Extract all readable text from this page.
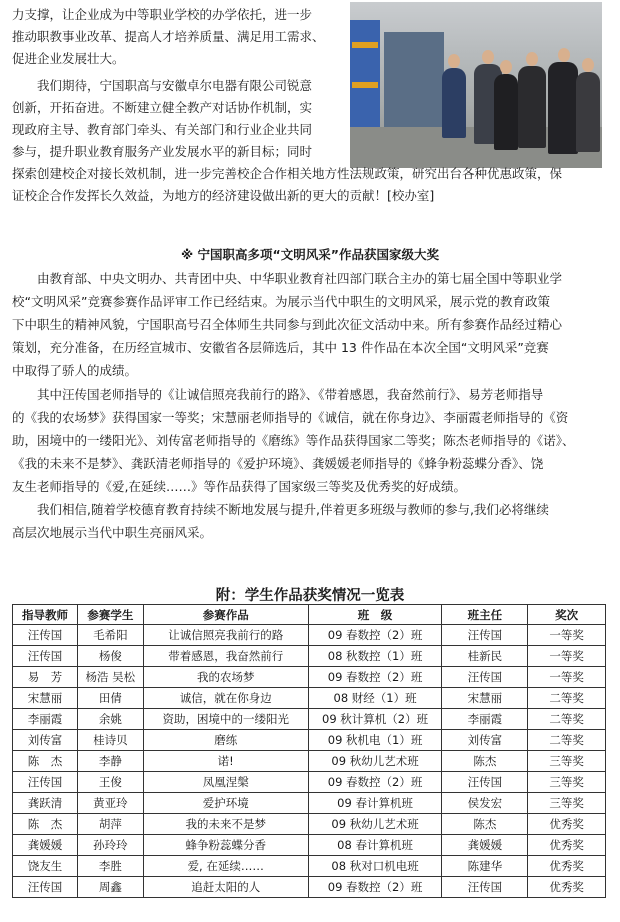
力支撑，让企业成为中等职业学校的办学依托，进一步

推动职教事业改革、提高人才培养质量、满足用工需求、

促进企业发展壮大。

我们期待，宁国职高与安徽卓尔电器有限公司锐意

创新，开拓奋进。不断建立健全教产对话协作机制，实

现政府主导、教育部门牵头、有关部门和行业企业共同

参与，提升职业教育服务产业发展水平的新目标；同时

探索创建校企对接长效机制，进一步完善校企合作相关地方性法规政策，研究出台各种优惠政策，保

证校企合作发挥长久效益，为地方的经济建设做出新的更大的贡献！[校办室]

※ 宁国职高多项“文明风采”作品获国家级大奖

由教育部、中央文明办、共青团中央、中华职业教育社四部门联合主办的第七届全国中等职业学

校“文明风采”竞赛参赛作品评审工作已经结束。为展示当代中职生的文明风采，展示党的教育政策

下中职生的精神风貌，宁国职高号召全体师生共同参与到此次征文活动中来。所有参赛作品经过精心

策划，充分准备，在历经宣城市、安徽省各层筛选后，其中 13 件作品在本次全国“文明风采”竞赛

中取得了骄人的成绩。

其中汪传国老师指导的《让诚信照亮我前行的路》、《带着感恩，我奋然前行》、易芳老师指导

的《我的农场梦》获得国家一等奖；宋慧丽老师指导的《诚信，就在你身边》、李丽霞老师指导的《资

助，困境中的一缕阳光》、刘传富老师指导的《磨练》等作品获得国家二等奖；陈杰老师指导的《诺》、

《我的未来不是梦》、龚跃清老师指导的《爱护环境》、龚媛媛老师指导的《蜂争粉蕊蝶分香》、饶

友生老师指导的《爱,在延续……》等作品获得了国家级三等奖及优秀奖的好成绩。

我们相信,随着学校德育教育持续不断地发展与提升,伴着更多班级与教师的参与,我们必将继续

高层次地展示当代中职生亮丽风采。

附：学生作品获奖情况一览表
指导教师	参赛学生	参赛作品	班　级	班主任	奖次
汪传国	毛希阳	让诚信照亮我前行的路	09 春数控（2）班	汪传国	一等奖
汪传国	杨俊	带着感恩，我奋然前行	08 秋数控（1）班	桂新民	一等奖
易　芳	杨浩 吴松	我的农场梦	09 春数控（2）班	汪传国	一等奖
宋慧丽	田倩	诚信，就在你身边	08 财经（1）班	宋慧丽	二等奖
李丽霞	余姚	资助，困境中的一缕阳光	09 秋计算机（2）班	李丽霞	二等奖
刘传富	桂诗贝	磨练	09 秋机电（1）班	刘传富	二等奖
陈　杰	李静	诺!	09 秋幼儿艺术班	陈杰	三等奖
汪传国	王俊	凤凰涅槃	09 春数控（2）班	汪传国	三等奖
龚跃清	黄亚玲	爱护环境	09 春计算机班	侯发宏	三等奖
陈　杰	胡萍	我的未来不是梦	09 秋幼儿艺术班	陈杰	优秀奖
龚媛媛	孙玲玲	蜂争粉蕊蝶分香	08 春计算机班	龚媛媛	优秀奖
饶友生	李胜	爱, 在延续……	08 秋对口机电班	陈建华	优秀奖
汪传国	周鑫	追赶太阳的人	09 春数控（2）班	汪传国	优秀奖
